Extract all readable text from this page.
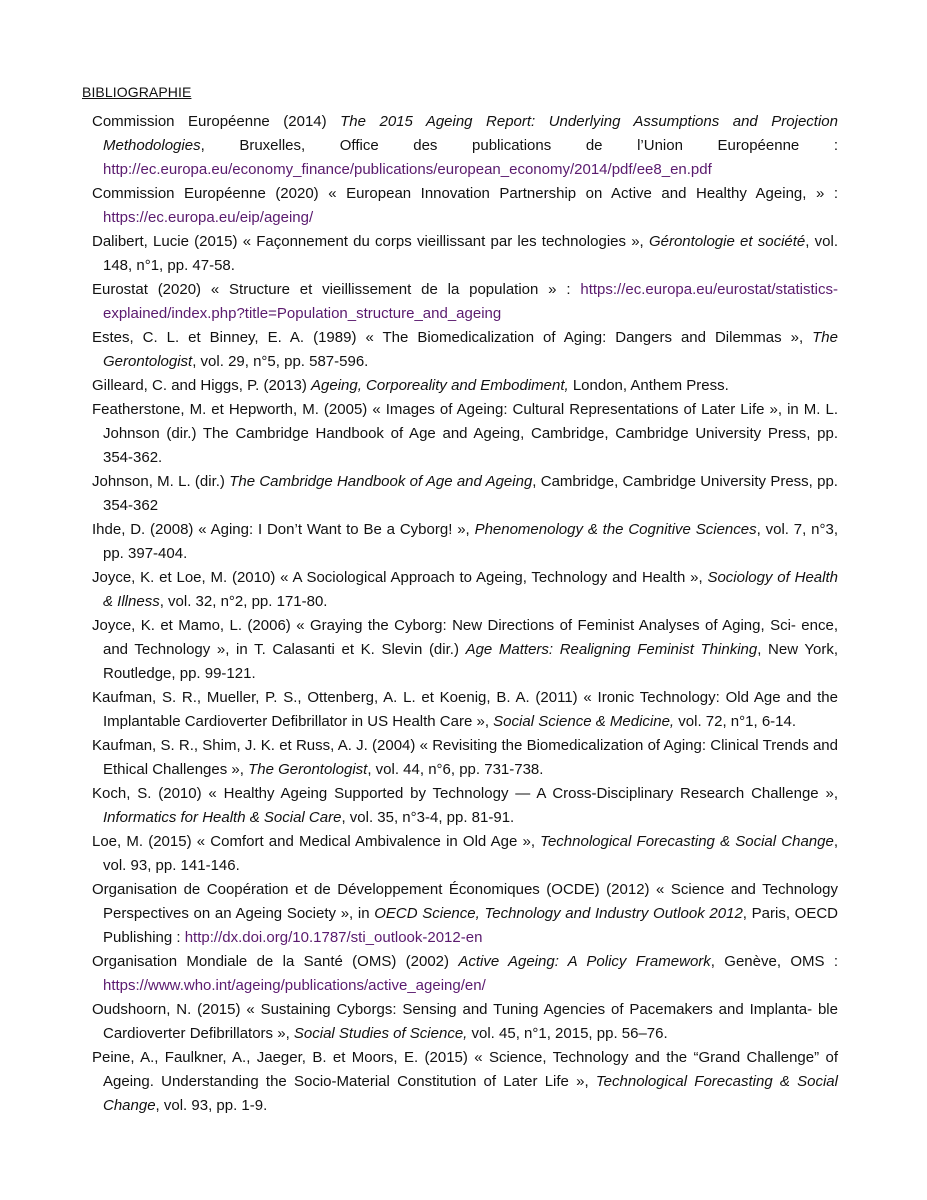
BIBLIOGRAPHIE

Commission Européenne (2014) The 2015 Ageing Report: Underlying Assumptions and Projection Methodologies, Bruxelles, Office des publications de l’Union Européenne : http://ec.europa.eu/economy_finance/publications/european_economy/2014/pdf/ee8_en.pdf

Commission Européenne (2020) « European Innovation Partnership on Active and Healthy Ageing, » : https://ec.europa.eu/eip/ageing/

Dalibert, Lucie (2015) « Façonnement du corps vieillissant par les technologies », Gérontologie et société, vol. 148, n°1, pp. 47-58.

Eurostat (2020) « Structure et vieillissement de la population » : https://ec.europa.eu/eurostat/statistics-explained/index.php?title=Population_structure_and_ageing

Estes, C. L. et Binney, E. A. (1989) « The Biomedicalization of Aging: Dangers and Dilemmas », The Gerontologist, vol. 29, n°5, pp. 587-596.

Gilleard, C. and Higgs, P. (2013) Ageing, Corporeality and Embodiment, London, Anthem Press.

Featherstone, M. et Hepworth, M. (2005) « Images of Ageing: Cultural Representations of Later Life », in M. L. Johnson (dir.) The Cambridge Handbook of Age and Ageing, Cambridge, Cambridge University Press, pp. 354-362.

Johnson, M. L. (dir.) The Cambridge Handbook of Age and Ageing, Cambridge, Cambridge University Press, pp. 354-362

Ihde, D. (2008) « Aging: I Don’t Want to Be a Cyborg! », Phenomenology & the Cognitive Sciences, vol. 7, n°3, pp. 397-404.

Joyce, K. et Loe, M. (2010) « A Sociological Approach to Ageing, Technology and Health », Sociology of Health & Illness, vol. 32, n°2, pp. 171-80.

Joyce, K. et Mamo, L. (2006) « Graying the Cyborg: New Directions of Feminist Analyses of Aging, Sci- ence, and Technology », in T. Calasanti et K. Slevin (dir.) Age Matters: Realigning Feminist Thinking, New York, Routledge, pp. 99-121.

Kaufman, S. R., Mueller, P. S., Ottenberg, A. L. et Koenig, B. A. (2011) « Ironic Technology: Old Age and the Implantable Cardioverter Defibrillator in US Health Care », Social Science & Medicine, vol. 72, n°1, 6-14.

Kaufman, S. R., Shim, J. K. et Russ, A. J. (2004) « Revisiting the Biomedicalization of Aging: Clinical Trends and Ethical Challenges », The Gerontologist, vol. 44, n°6, pp. 731-738.

Koch, S. (2010) « Healthy Ageing Supported by Technology — A Cross-Disciplinary Research Challenge », Informatics for Health & Social Care, vol. 35, n°3-4, pp. 81-91.

Loe, M. (2015) « Comfort and Medical Ambivalence in Old Age », Technological Forecasting & Social Change, vol. 93, pp. 141-146.

Organisation de Coopération et de Développement Économiques (OCDE) (2012) « Science and Technology Perspectives on an Ageing Society », in OECD Science, Technology and Industry Outlook 2012, Paris, OECD Publishing : http://dx.doi.org/10.1787/sti_outlook-2012-en

Organisation Mondiale de la Santé (OMS) (2002) Active Ageing: A Policy Framework, Genève, OMS : https://www.who.int/ageing/publications/active_ageing/en/

Oudshoorn, N. (2015) « Sustaining Cyborgs: Sensing and Tuning Agencies of Pacemakers and Implanta- ble Cardioverter Defibrillators », Social Studies of Science, vol. 45, n°1, 2015, pp. 56–76.

Peine, A., Faulkner, A., Jaeger, B. et Moors, E. (2015) « Science, Technology and the “Grand Challenge” of Ageing. Understanding the Socio-Material Constitution of Later Life », Technological Forecasting & Social Change, vol. 93, pp. 1-9.
